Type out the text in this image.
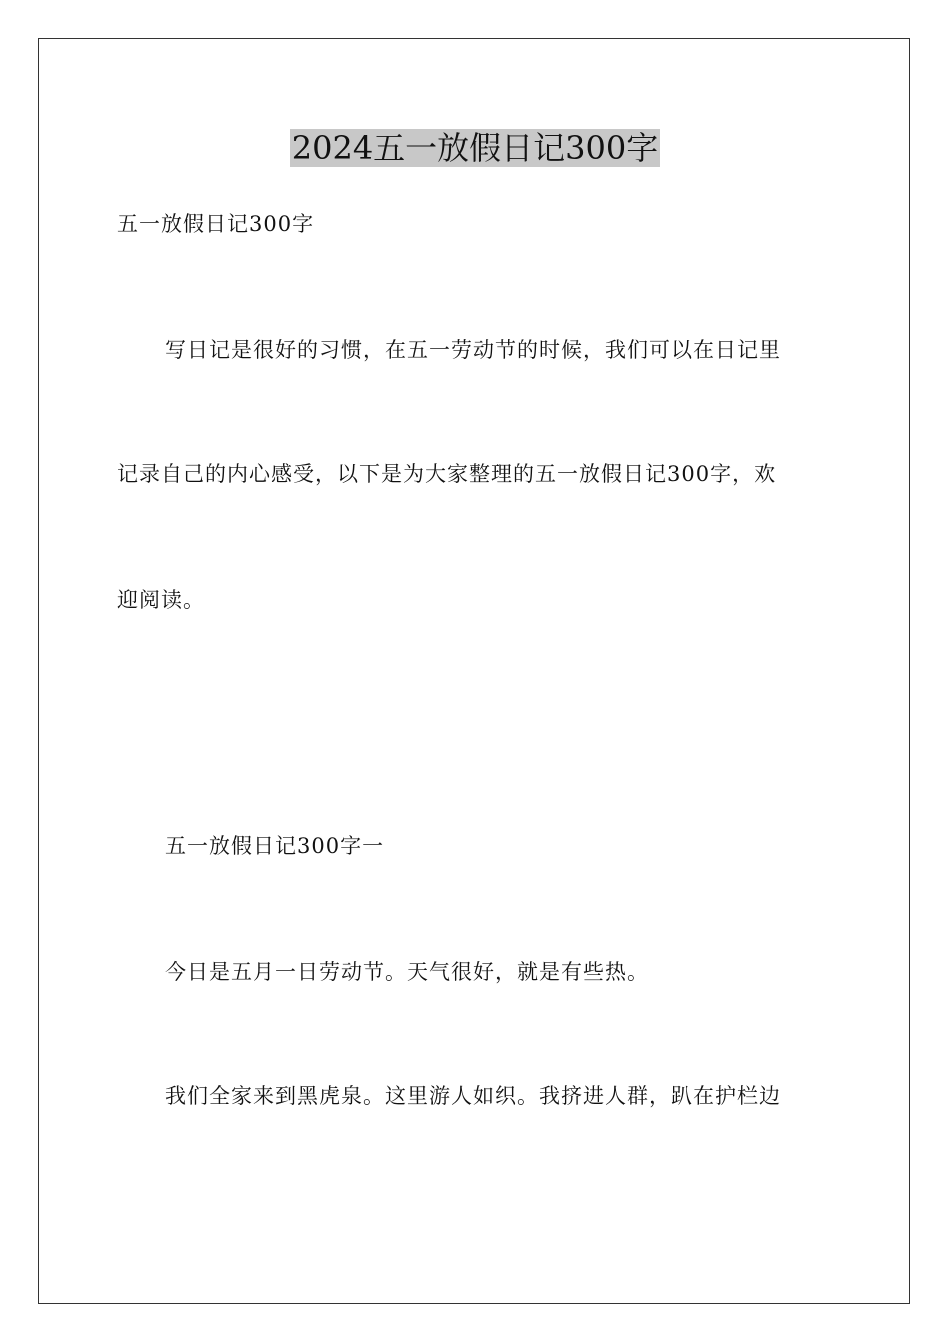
2024五一放假日记300字
五一放假日记300字
写日记是很好的习惯，在五一劳动节的时候，我们可以在日记里
记录自己的内心感受，以下是为大家整理的五一放假日记300字，欢
迎阅读。
五一放假日记300字一
今日是五月一日劳动节。天气很好，就是有些热。
我们全家来到黑虎泉。这里游人如织。我挤进人群，趴在护栏边
